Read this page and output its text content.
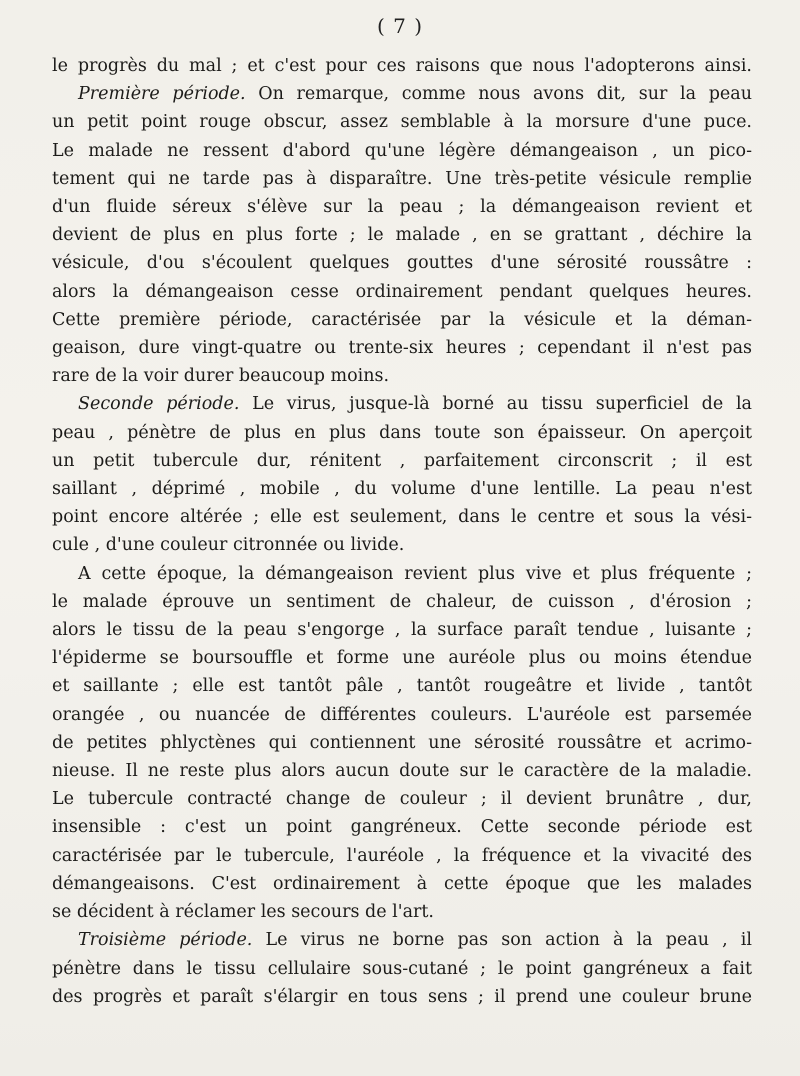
( 7 )

le progrès du mal ; et c'est pour ces raisons que nous l'adopterons ainsi.

Première période. On remarque, comme nous avons dit, sur la peau
un petit point rouge obscur, assez semblable à la morsure d'une puce.
Le malade ne ressent d'abord qu'une légère démangeaison , un pico-
tement qui ne tarde pas à disparaître. Une très-petite vésicule remplie
d'un fluide séreux s'élève sur la peau ; la démangeaison revient et
devient de plus en plus forte ; le malade , en se grattant , déchire la
vésicule, d'ou s'écoulent quelques gouttes d'une sérosité roussâtre :
alors la démangeaison cesse ordinairement pendant quelques heures.
Cette première période, caractérisée par la vésicule et la déman-
geaison, dure vingt-quatre ou trente-six heures ; cependant il n'est pas
rare de la voir durer beaucoup moins.

Seconde période. Le virus, jusque-là borné au tissu superficiel de la
peau , pénètre de plus en plus dans toute son épaisseur. On aperçoit
un petit tubercule dur, rénitent , parfaitement circonscrit ; il est
saillant , déprimé , mobile , du volume d'une lentille. La peau n'est
point encore altérée ; elle est seulement, dans le centre et sous la vési-
cule , d'une couleur citronnée ou livide.

A cette époque, la démangeaison revient plus vive et plus fréquente ;
le malade éprouve un sentiment de chaleur, de cuisson , d'érosion ;
alors le tissu de la peau s'engorge , la surface paraît tendue , luisante ;
l'épiderme se boursouffle et forme une auréole plus ou moins étendue
et saillante ; elle est tantôt pâle , tantôt rougeâtre et livide , tantôt
orangée , ou nuancée de différentes couleurs. L'auréole est parsemée
de petites phlyctènes qui contiennent une sérosité roussâtre et acrimo-
nieuse. Il ne reste plus alors aucun doute sur le caractère de la maladie.
Le tubercule contracté change de couleur ; il devient brunâtre , dur,
insensible : c'est un point gangréneux. Cette seconde période est
caractérisée par le tubercule, l'auréole , la fréquence et la vivacité des
démangeaisons. C'est ordinairement à cette époque que les malades
se décident à réclamer les secours de l'art.

Troisième période. Le virus ne borne pas son action à la peau , il
pénètre dans le tissu cellulaire sous-cutané ; le point gangréneux a fait
des progrès et paraît s'élargir en tous sens ; il prend une couleur brune
